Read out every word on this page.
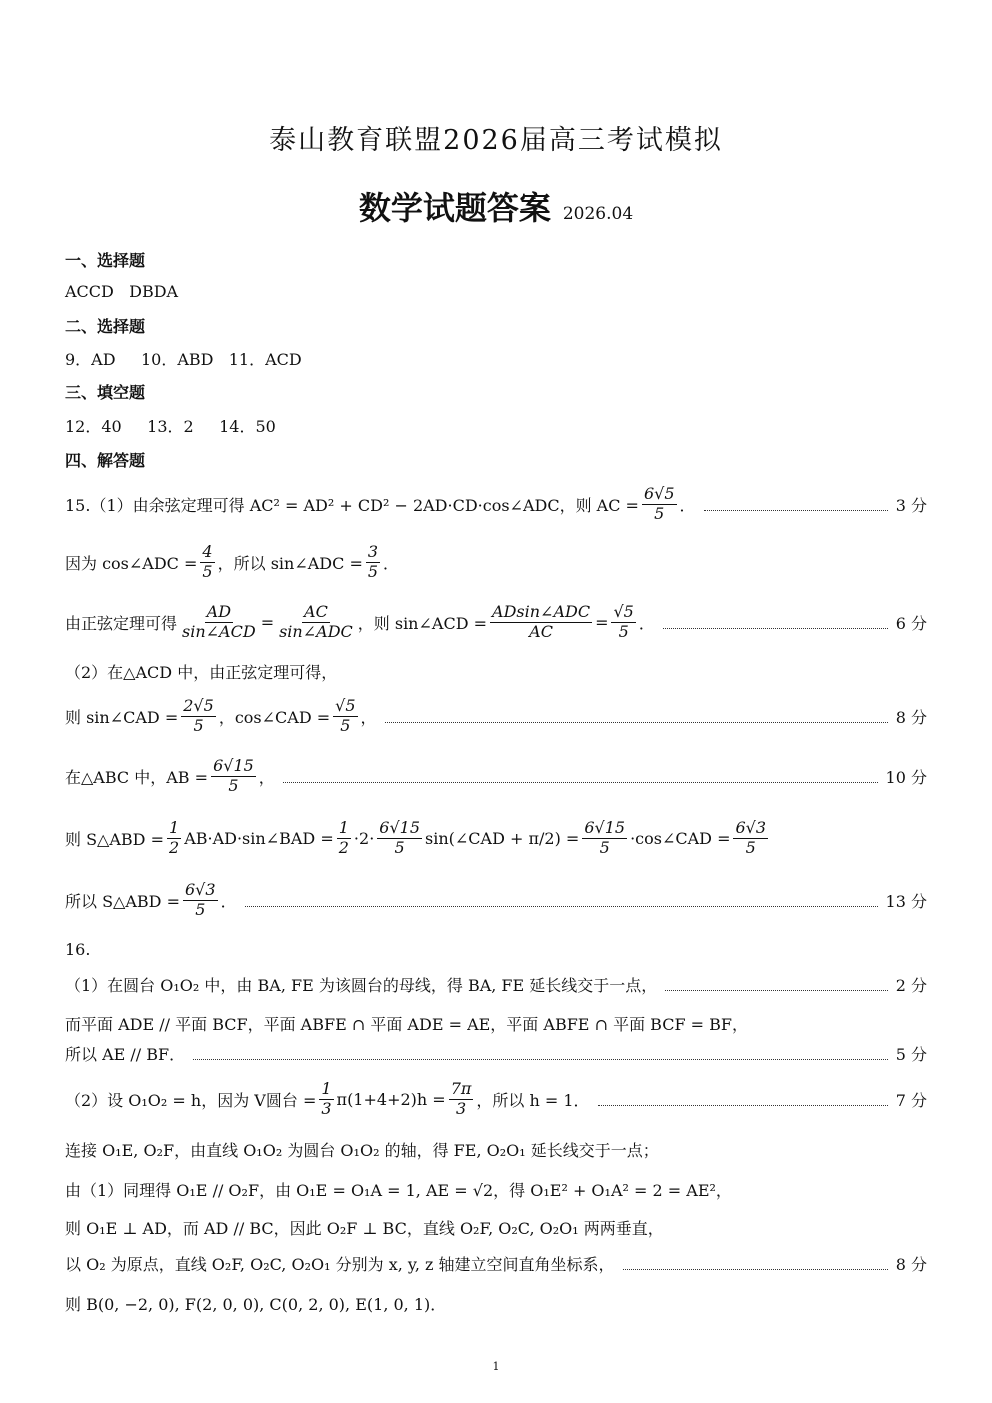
泰山教育联盟2026届高三考试模拟
数学试题答案 2026.04
一、选择题
ACCD   DBDA
二、选择题
9．AD     10．ABD   11．ACD
三、填空题
12．40     13．2     14．50
四、解答题
15.（1）由余弦定理可得 AC² = AD² + CD² − 2AD·CD·cos∠ADC，则 AC = $\frac{6√5}{5}$ ．	3 分
因为 cos∠ADC = $\frac{4}{5}$ ，所以 sin∠ADC = $\frac{3}{5}$ ．
由正弦定理可得 $\frac{AD}{\text{sin∠ACD}} = \frac{AC}{\text{sin∠ADC}}$ ，则 sin∠ACD = $\frac{\text{ADsin∠ADC}}{AC} = \frac{√5}{5}$ ．	6 分
（2）在△ACD 中，由正弦定理可得，
则 sin∠CAD = $\frac{2√5}{5}$ ，cos∠CAD = $\frac{√5}{5}$ ，	8 分
在△ABC 中，AB = $\frac{6√15}{5}$ ，	10 分
则 S△ABD = $\frac{1}{2}$ AB·AD·sin∠BAD = $\frac{1}{2} \cdot 2\cdot \frac{6√15}{5}$ sin(∠CAD + $\pi/2) = \frac{6√15}{5}$ ·cos∠CAD = $\frac{6√3}{5}$
所以 S△ABD = $\frac{6√3}{5}$ ．	13 分
16.
（1）在圆台 O₁O₂ 中，由 BA, FE 为该圆台的母线，得 BA, FE 延长线交于一点，	2 分
而平面 ADE // 平面 BCF，平面 ABFE ∩ 平面 ADE = AE，平面 ABFE ∩ 平面 BCF = BF，
所以 AE // BF．	5 分
（2）设 O₁O₂ = h，因为 V圆台 = $\frac{1}{3} \pi(1+4+2)h = \frac{7\pi}{3}$ ，所以 h = 1．	7 分
连接 O₁E, O₂F，由直线 O₁O₂ 为圆台 O₁O₂ 的轴，得 FE, O₂O₁ 延长线交于一点；
由（1）同理得 O₁E // O₂F，由 O₁E = O₁A = 1, AE = √2，得 O₁E² + O₁A² = 2 = AE²，
则 O₁E ⊥ AD，而 AD // BC，因此 O₂F ⊥ BC，直线 O₂F, O₂C, O₂O₁ 两两垂直，
以 O₂ 为原点，直线 O₂F, O₂C, O₂O₁ 分别为 x, y, z 轴建立空间直角坐标系，	8 分
则 B(0, −2, 0), F(2, 0, 0), C(0, 2, 0), E(1, 0, 1)．
1
